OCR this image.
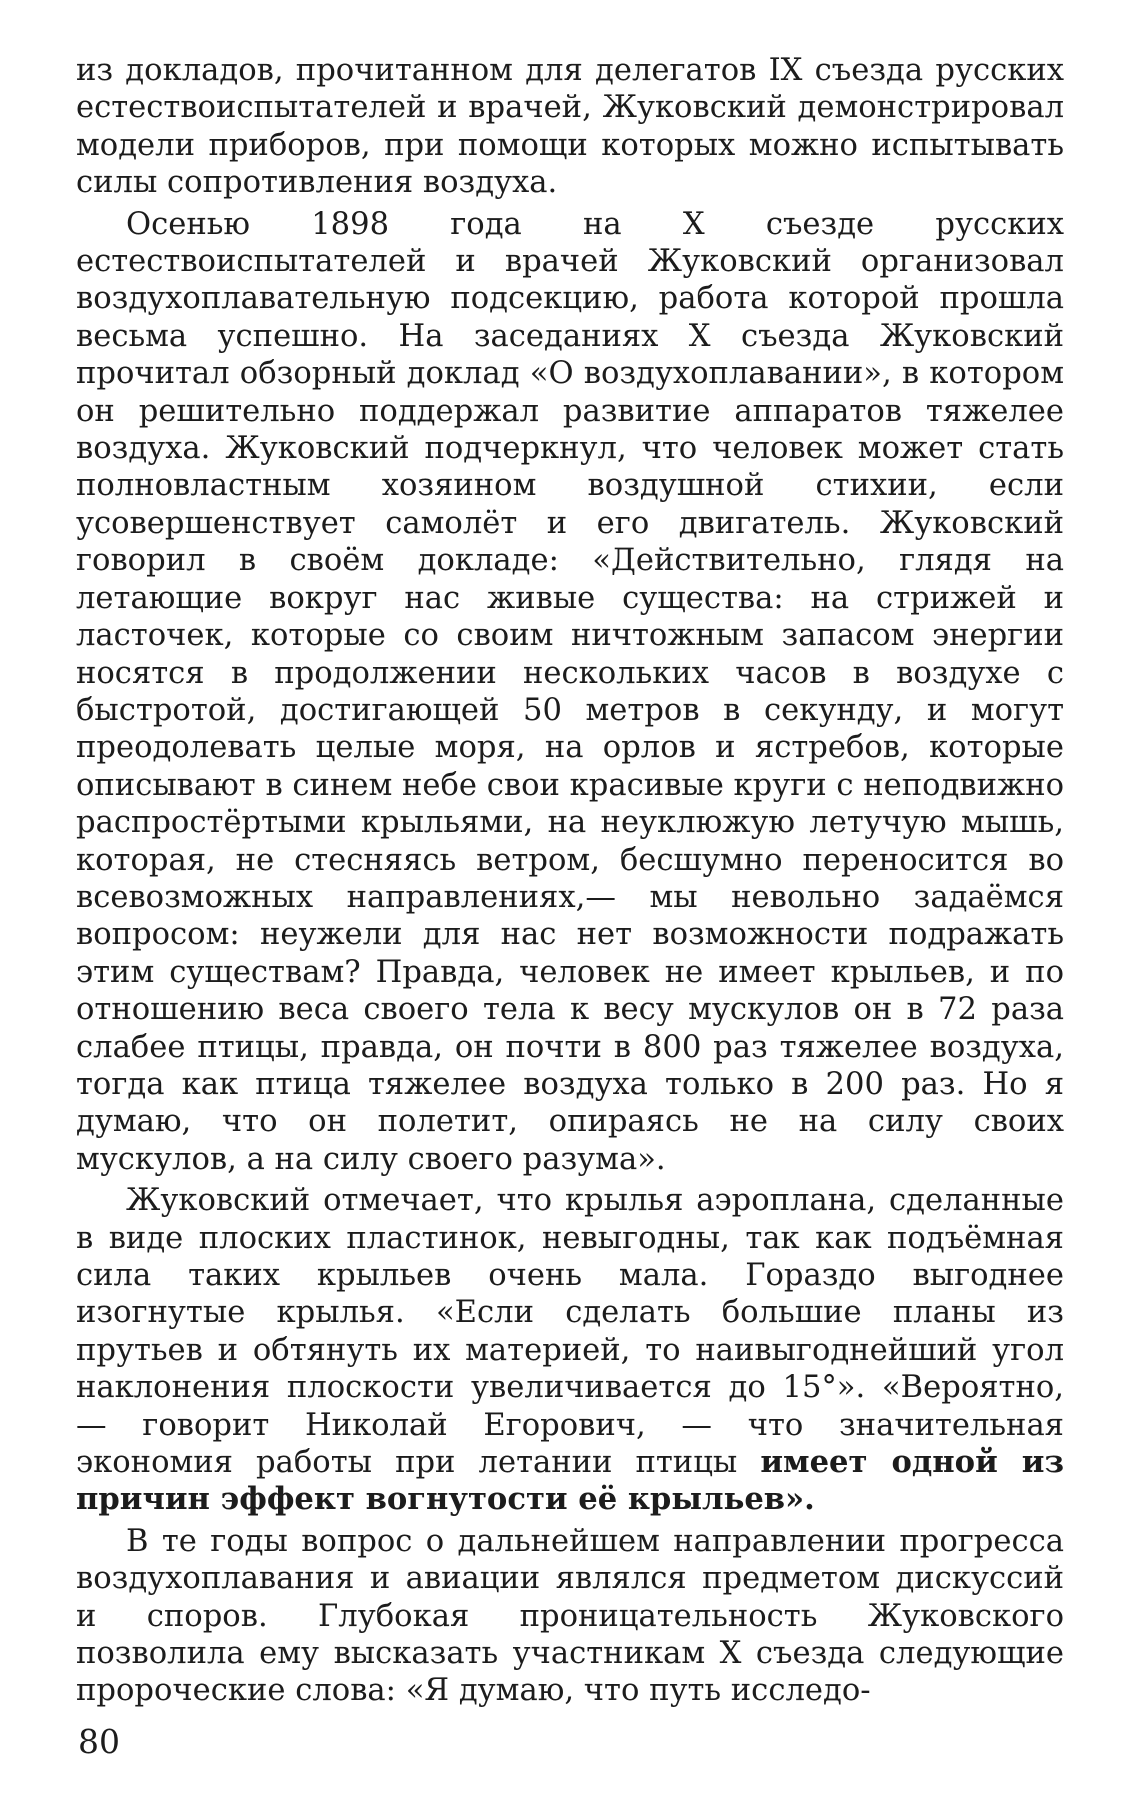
из докладов, прочитанном для делегатов IX съезда русских естествоиспытателей и врачей, Жуковский демонстрировал модели приборов, при помощи которых можно испытывать силы сопротивления воздуха.

Осенью 1898 года на X съезде русских естествоиспытателей и врачей Жуковский организовал воздухоплавательную подсекцию, работа которой прошла весьма успешно. На заседаниях X съезда Жуковский прочитал обзорный доклад «О воздухоплавании», в котором он решительно поддержал развитие аппаратов тяжелее воздуха. Жуковский подчеркнул, что человек может стать полновластным хозяином воздушной стихии, если усовершенствует самолёт и его двигатель. Жуковский говорил в своём докладе: «Действительно, глядя на летающие вокруг нас живые существа: на стрижей и ласточек, которые со своим ничтожным запасом энергии носятся в продолжении нескольких часов в воздухе с быстротой, достигающей 50 метров в секунду, и могут преодолевать целые моря, на орлов и ястребов, которые описывают в синем небе свои красивые круги с неподвижно распростёртыми крыльями, на неуклюжую летучую мышь, которая, не стесняясь ветром, бесшумно переносится во всевозможных направлениях,— мы невольно задаёмся вопросом: неужели для нас нет возможности подражать этим существам? Правда, человек не имеет крыльев, и по отношению веса своего тела к весу мускулов он в 72 раза слабее птицы, правда, он почти в 800 раз тяжелее воздуха, тогда как птица тяжелее воздуха только в 200 раз. Но я думаю, что он полетит, опираясь не на силу своих мускулов, а на силу своего разума».

Жуковский отмечает, что крылья аэроплана, сделанные в виде плоских пластинок, невыгодны, так как подъёмная сила таких крыльев очень мала. Гораздо выгоднее изогнутые крылья. «Если сделать большие планы из прутьев и обтянуть их материей, то наивыгоднейший угол наклонения плоскости увеличивается до 15°». «Вероятно, — говорит Николай Егорович, — что значительная экономия работы при летании птицы имеет одной из причин эффект вогнутости её крыльев».

В те годы вопрос о дальнейшем направлении прогресса воздухоплавания и авиации являлся предметом дискуссий и споров. Глубокая проницательность Жуковского позволила ему высказать участникам X съезда следующие пророческие слова: «Я думаю, что путь исследо-

80
